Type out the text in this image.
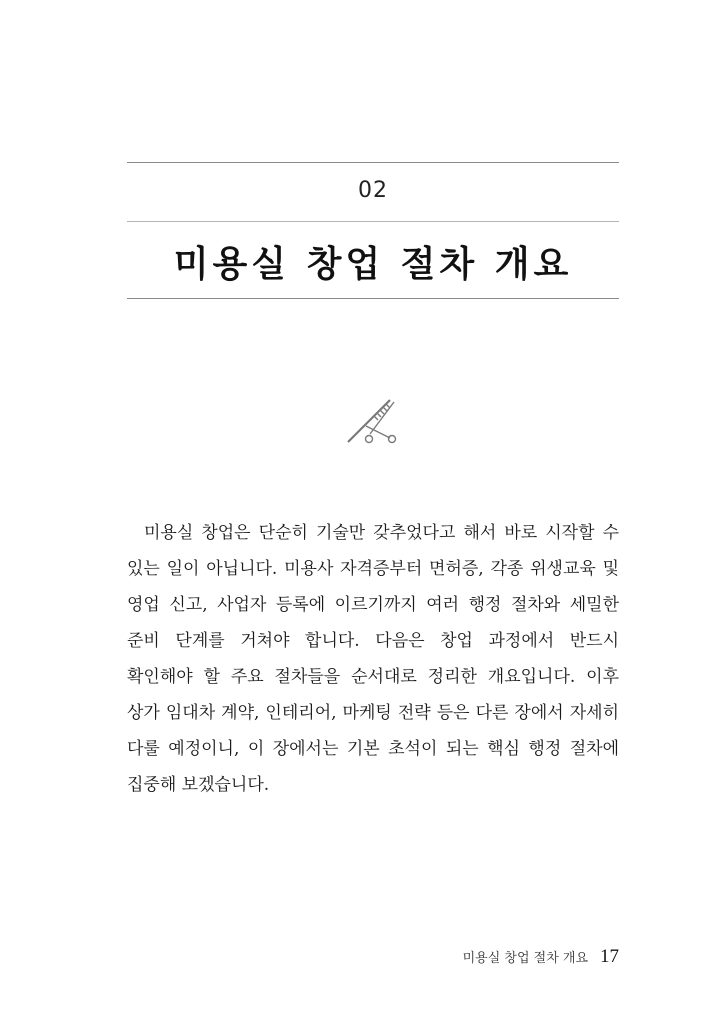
02
미용실 창업 절차 개요

미용실 창업은 단순히 기술만 갖추었다고 해서 바로 시작할 수 있는 일이 아닙니다. 미용사 자격증부터 면허증, 각종 위생교육 및 영업 신고, 사업자 등록에 이르기까지 여러 행정 절차와 세밀한 준비 단계를 거쳐야 합니다. 다음은 창업 과정에서 반드시 확인해야 할 주요 절차들을 순서대로 정리한 개요입니다. 이후 상가 임대차 계약, 인테리어, 마케팅 전략 등은 다른 장에서 자세히 다룰 예정이니, 이 장에서는 기본 초석이 되는 핵심 행정 절차에 집중해 보겠습니다.

미용실 창업 절차 개요 17
